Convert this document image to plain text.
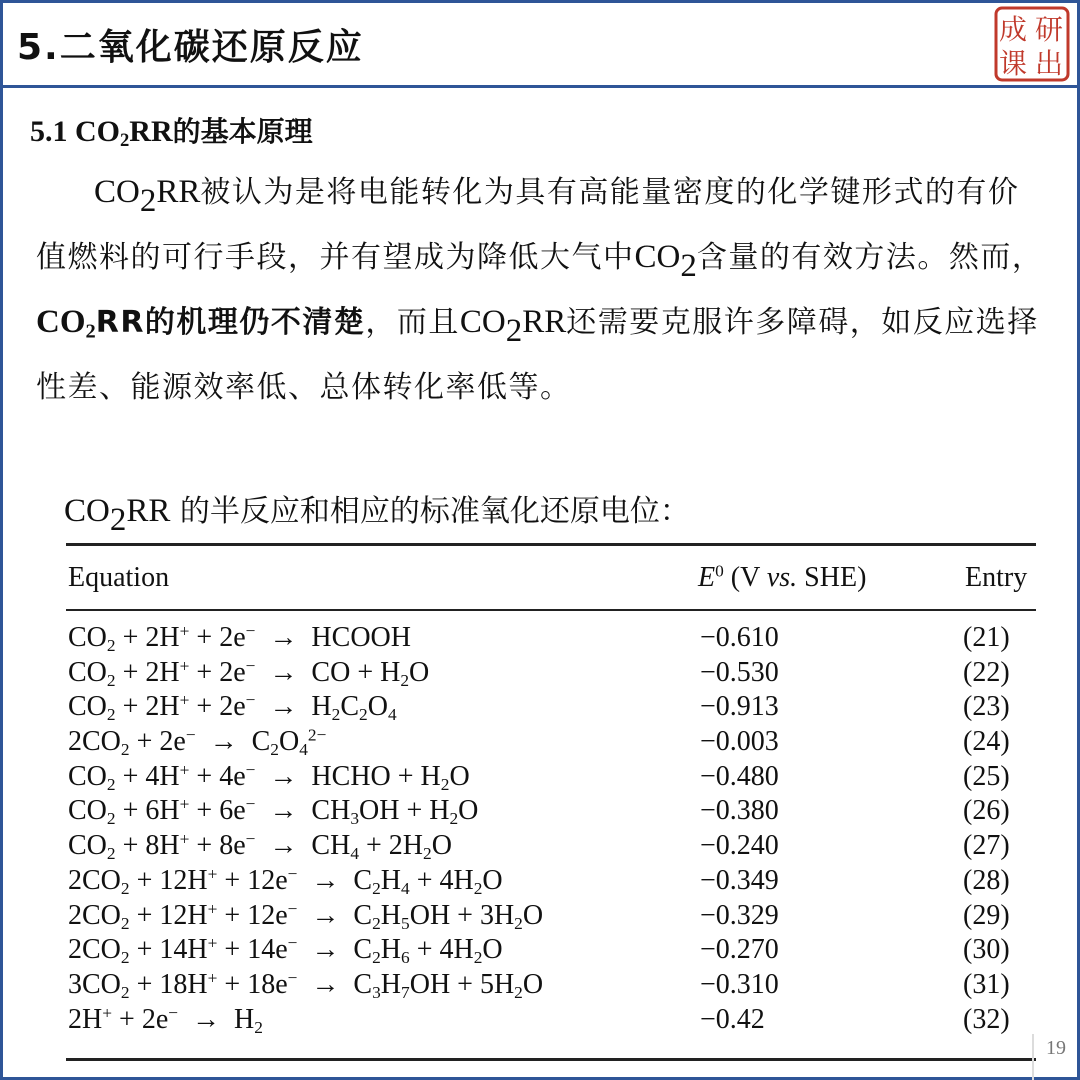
5.二氧化碳还原反应	成 研
课 出
5.1 $CO_2RR$的基本原理
$CO_2RR$被认为是将电能转化为具有高能量密度的化学键形式的有价值燃料的可行手段，并有望成为降低大气中$CO_2$含量的有效方法。然而，$CO_2RR$的机理仍不清楚，而且$CO_2RR$还需要克服许多障碍，如反应选择性差、能源效率低、总体转化率低等。
$CO_2RR$ 的半反应和相应的标准氧化还原电位：
Equation	$E^0$ (V vs. SHE)	Entry
$CO_2 + 2H^+ + 2e^-$  →  HCOOH	−0.610	(21)
$CO_2 + 2H^+ + 2e^-$  →  CO + $H_2O$	−0.530	(22)
$CO_2 + 2H^+ + 2e^- \to H_2C_2O_4$	−0.913	(23)
$2CO_2 + 2e^- \to C_2O_4^{2-}$	−0.003	(24)
$CO_2 + 4H^+ + 4e^-$  →  HCHO + $H_2O$	−0.480	(25)
$CO_2 + 6H^+ + 6e^- \to CH_3OH + H_2O$	−0.380	(26)
$CO_2 + 8H^+ + 8e^- \to CH_4 + 2H_2O$	−0.240	(27)
$2CO_2 + 12H^+ + 12e^- \to C_2H_4 + 4H_2O$	−0.349	(28)
$2CO_2 + 12H^+ + 12e^- \to C_2H_5OH + 3H_2O$	−0.329	(29)
$2CO_2 + 14H^+ + 14e^- \to C_2H_6 + 4H_2O$	−0.270	(30)
$3CO_2 + 18H^+ + 18e^- \to C_3H_7OH + 5H_2O$	−0.310	(31)
$2H^+ + 2e^- \to H_2$	−0.42	(32)
19
